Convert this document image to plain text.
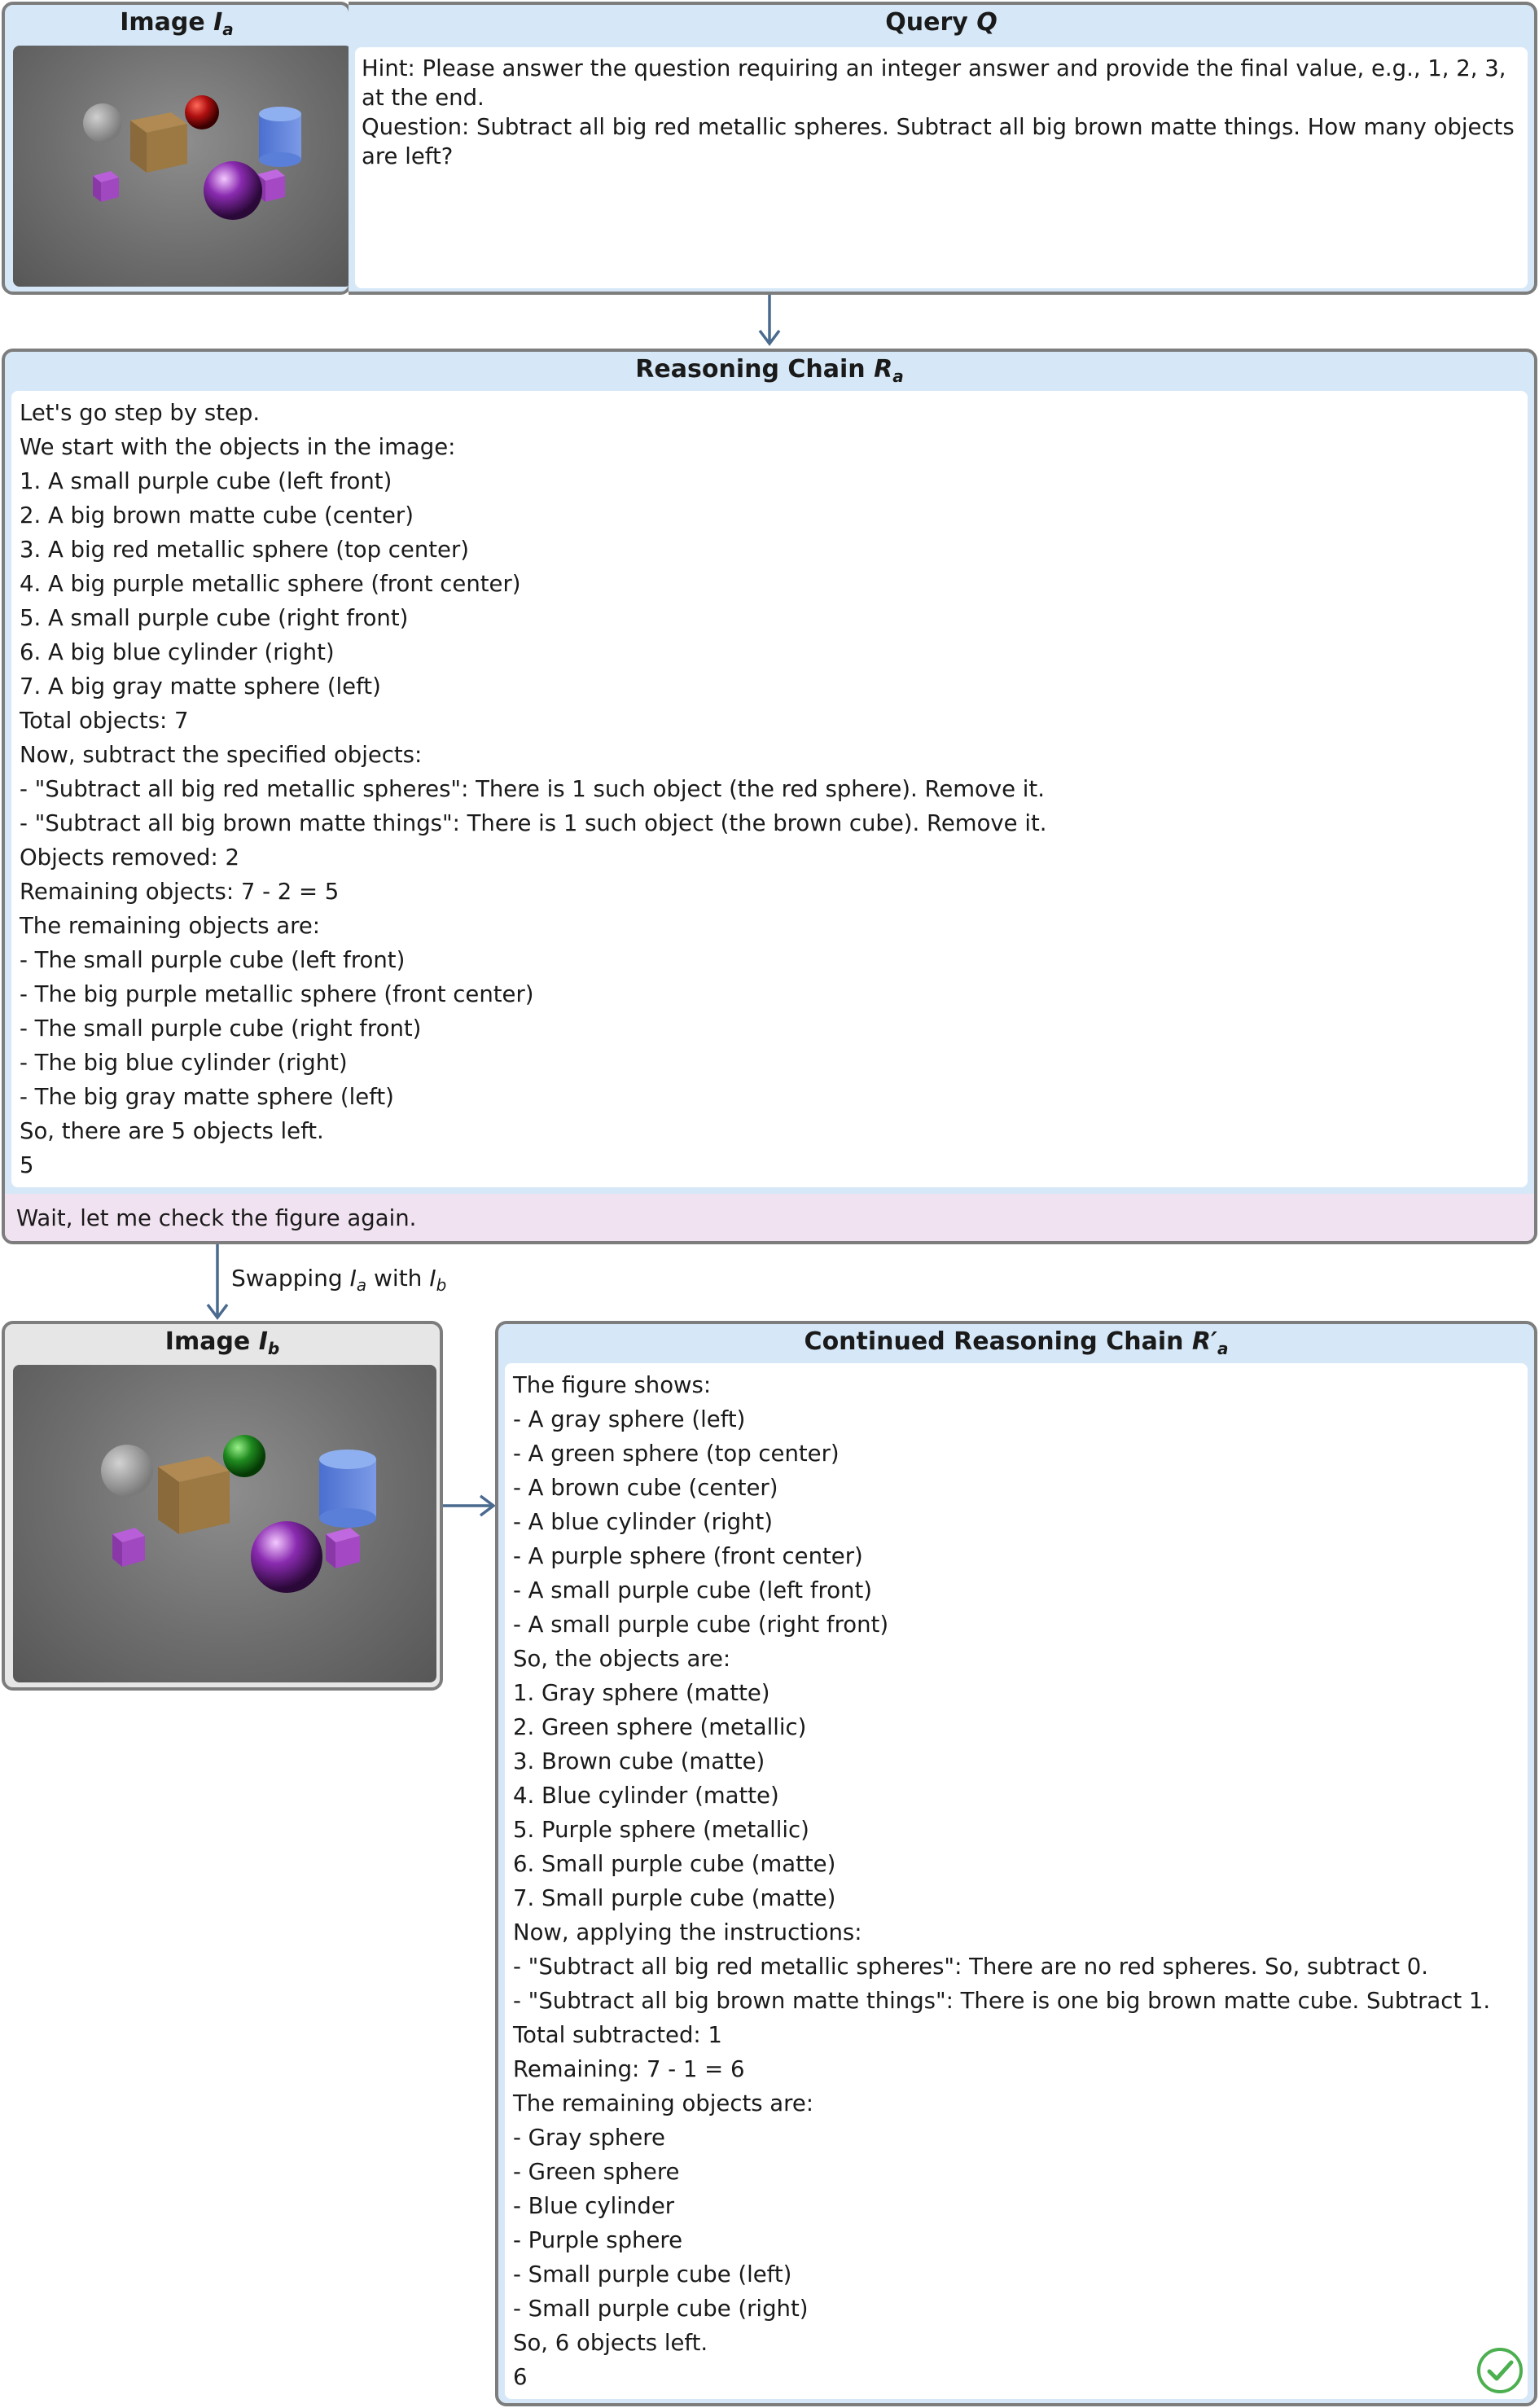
Image $I_a$	Query Q
Hint: Please answer the question requiring an integer answer and provide the final value, e.g., 1, 2, 3, at the end.
Question: Subtract all big red metallic spheres. Subtract all big brown matte things. How many objects are left?
Reasoning Chain $R_a$
Let's go step by step.
We start with the objects in the image:
1. A small purple cube (left front)
2. A big brown matte cube (center)
3. A big red metallic sphere (top center)
4. A big purple metallic sphere (front center)
5. A small purple cube (right front)
6. A big blue cylinder (right)
7. A big gray matte sphere (left)
Total objects: 7
Now, subtract the specified objects:
- "Subtract all big red metallic spheres": There is 1 such object (the red sphere). Remove it.
- "Subtract all big brown matte things": There is 1 such object (the brown cube). Remove it.
Objects removed: 2
Remaining objects: 7 - 2 = 5
The remaining objects are:
- The small purple cube (left front)
- The big purple metallic sphere (front center)
- The small purple cube (right front)
- The big blue cylinder (right)
- The big gray matte sphere (left)
So, there are 5 objects left.
5
Wait, let me check the figure again.
Swapping $I_a$ with $I_b$
Image $I_b$	Continued Reasoning Chain $R'_a$
The figure shows:
- A gray sphere (left)
- A green sphere (top center)
- A brown cube (center)
- A blue cylinder (right)
- A purple sphere (front center)
- A small purple cube (left front)
- A small purple cube (right front)
So, the objects are:
1. Gray sphere (matte)
2. Green sphere (metallic)
3. Brown cube (matte)
4. Blue cylinder (matte)
5. Purple sphere (metallic)
6. Small purple cube (matte)
7. Small purple cube (matte)
Now, applying the instructions:
- "Subtract all big red metallic spheres": There are no red spheres. So, subtract 0.
- "Subtract all big brown matte things": There is one big brown matte cube. Subtract 1.
Total subtracted: 1
Remaining: 7 - 1 = 6
The remaining objects are:
- Gray sphere
- Green sphere
- Blue cylinder
- Purple sphere
- Small purple cube (left)
- Small purple cube (right)
So, 6 objects left.
6
